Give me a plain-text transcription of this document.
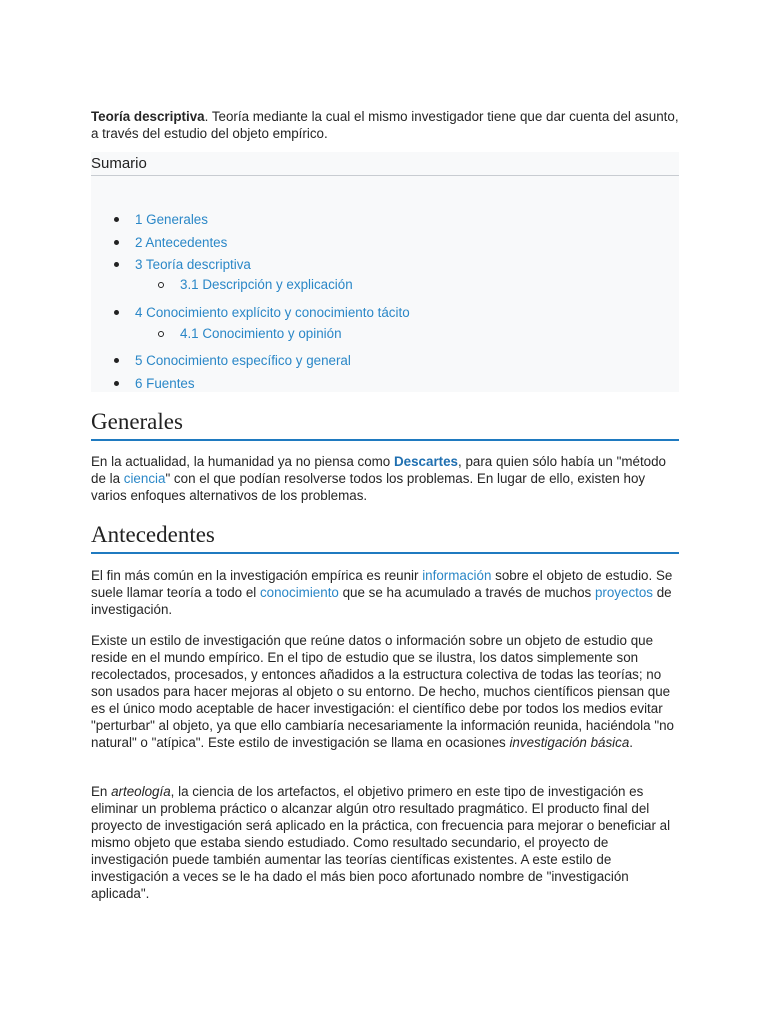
Teoría descriptiva. Teoría mediante la cual el mismo investigador tiene que dar cuenta del asunto, a través del estudio del objeto empírico.

Sumario
1 Generales
2 Antecedentes
3 Teoría descriptiva
3.1 Descripción y explicación
4 Conocimiento explícito y conocimiento tácito
4.1 Conocimiento y opinión
5 Conocimiento específico y general
6 Fuentes
Generales

En la actualidad, la humanidad ya no piensa como Descartes, para quien sólo había un "método de la ciencia" con el que podían resolverse todos los problemas. En lugar de ello, existen hoy varios enfoques alternativos de los problemas.

Antecedentes

El fin más común en la investigación empírica es reunir información sobre el objeto de estudio. Se suele llamar teoría a todo el conocimiento que se ha acumulado a través de muchos proyectos de investigación.

Existe un estilo de investigación que reúne datos o información sobre un objeto de estudio que reside en el mundo empírico. En el tipo de estudio que se ilustra, los datos simplemente son recolectados, procesados, y entonces añadidos a la estructura colectiva de todas las teorías; no son usados para hacer mejoras al objeto o su entorno. De hecho, muchos científicos piensan que es el único modo aceptable de hacer investigación: el científico debe por todos los medios evitar "perturbar" al objeto, ya que ello cambiaría necesariamente la información reunida, haciéndola "no natural" o "atípica". Este estilo de investigación se llama en ocasiones investigación básica.

En arteología, la ciencia de los artefactos, el objetivo primero en este tipo de investigación es eliminar un problema práctico o alcanzar algún otro resultado pragmático. El producto final del proyecto de investigación será aplicado en la práctica, con frecuencia para mejorar o beneficiar al mismo objeto que estaba siendo estudiado. Como resultado secundario, el proyecto de investigación puede también aumentar las teorías científicas existentes. A este estilo de investigación a veces se le ha dado el más bien poco afortunado nombre de "investigación aplicada".
